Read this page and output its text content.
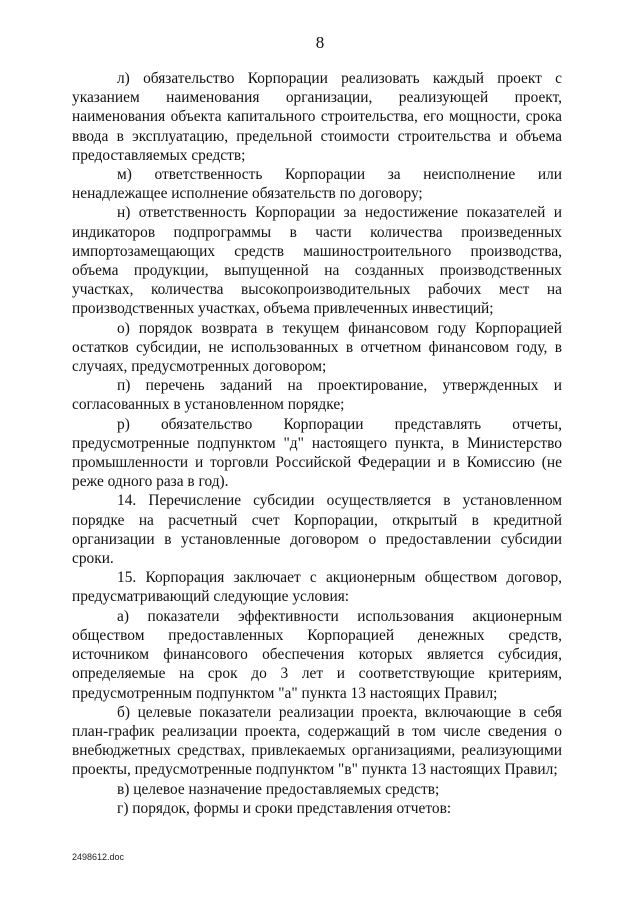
8

л) обязательство Корпорации реализовать каждый проект с указанием наименования организации, реализующей проект, наименования объекта капитального строительства, его мощности, срока ввода в эксплуатацию, предельной стоимости строительства и объема предоставляемых средств;

м) ответственность Корпорации за неисполнение или ненадлежащее исполнение обязательств по договору;

н) ответственность Корпорации за недостижение показателей и индикаторов подпрограммы в части количества произведенных импортозамещающих средств машиностроительного производства, объема продукции, выпущенной на созданных производственных участках, количества высокопроизводительных рабочих мест на производственных участках, объема привлеченных инвестиций;

о) порядок возврата в текущем финансовом году Корпорацией остатков субсидии, не использованных в отчетном финансовом году, в случаях, предусмотренных договором;

п) перечень заданий на проектирование, утвержденных и согласованных в установленном порядке;

р) обязательство Корпорации представлять отчеты, предусмотренные подпунктом "д" настоящего пункта, в Министерство промышленности и торговли Российской Федерации и в Комиссию (не реже одного раза в год).

14. Перечисление субсидии осуществляется в установленном порядке на расчетный счет Корпорации, открытый в кредитной организации в установленные договором о предоставлении субсидии сроки.

15. Корпорация заключает с акционерным обществом договор, предусматривающий следующие условия:

а) показатели эффективности использования акционерным обществом предоставленных Корпорацией денежных средств, источником финансового обеспечения которых является субсидия, определяемые на срок до 3 лет и соответствующие критериям, предусмотренным подпунктом "а" пункта 13 настоящих Правил;

б) целевые показатели реализации проекта, включающие в себя план-график реализации проекта, содержащий в том числе сведения о внебюджетных средствах, привлекаемых организациями, реализующими проекты, предусмотренные подпунктом "в" пункта 13 настоящих Правил;

в) целевое назначение предоставляемых средств;

г) порядок, формы и сроки представления отчетов:

2498612.doc
